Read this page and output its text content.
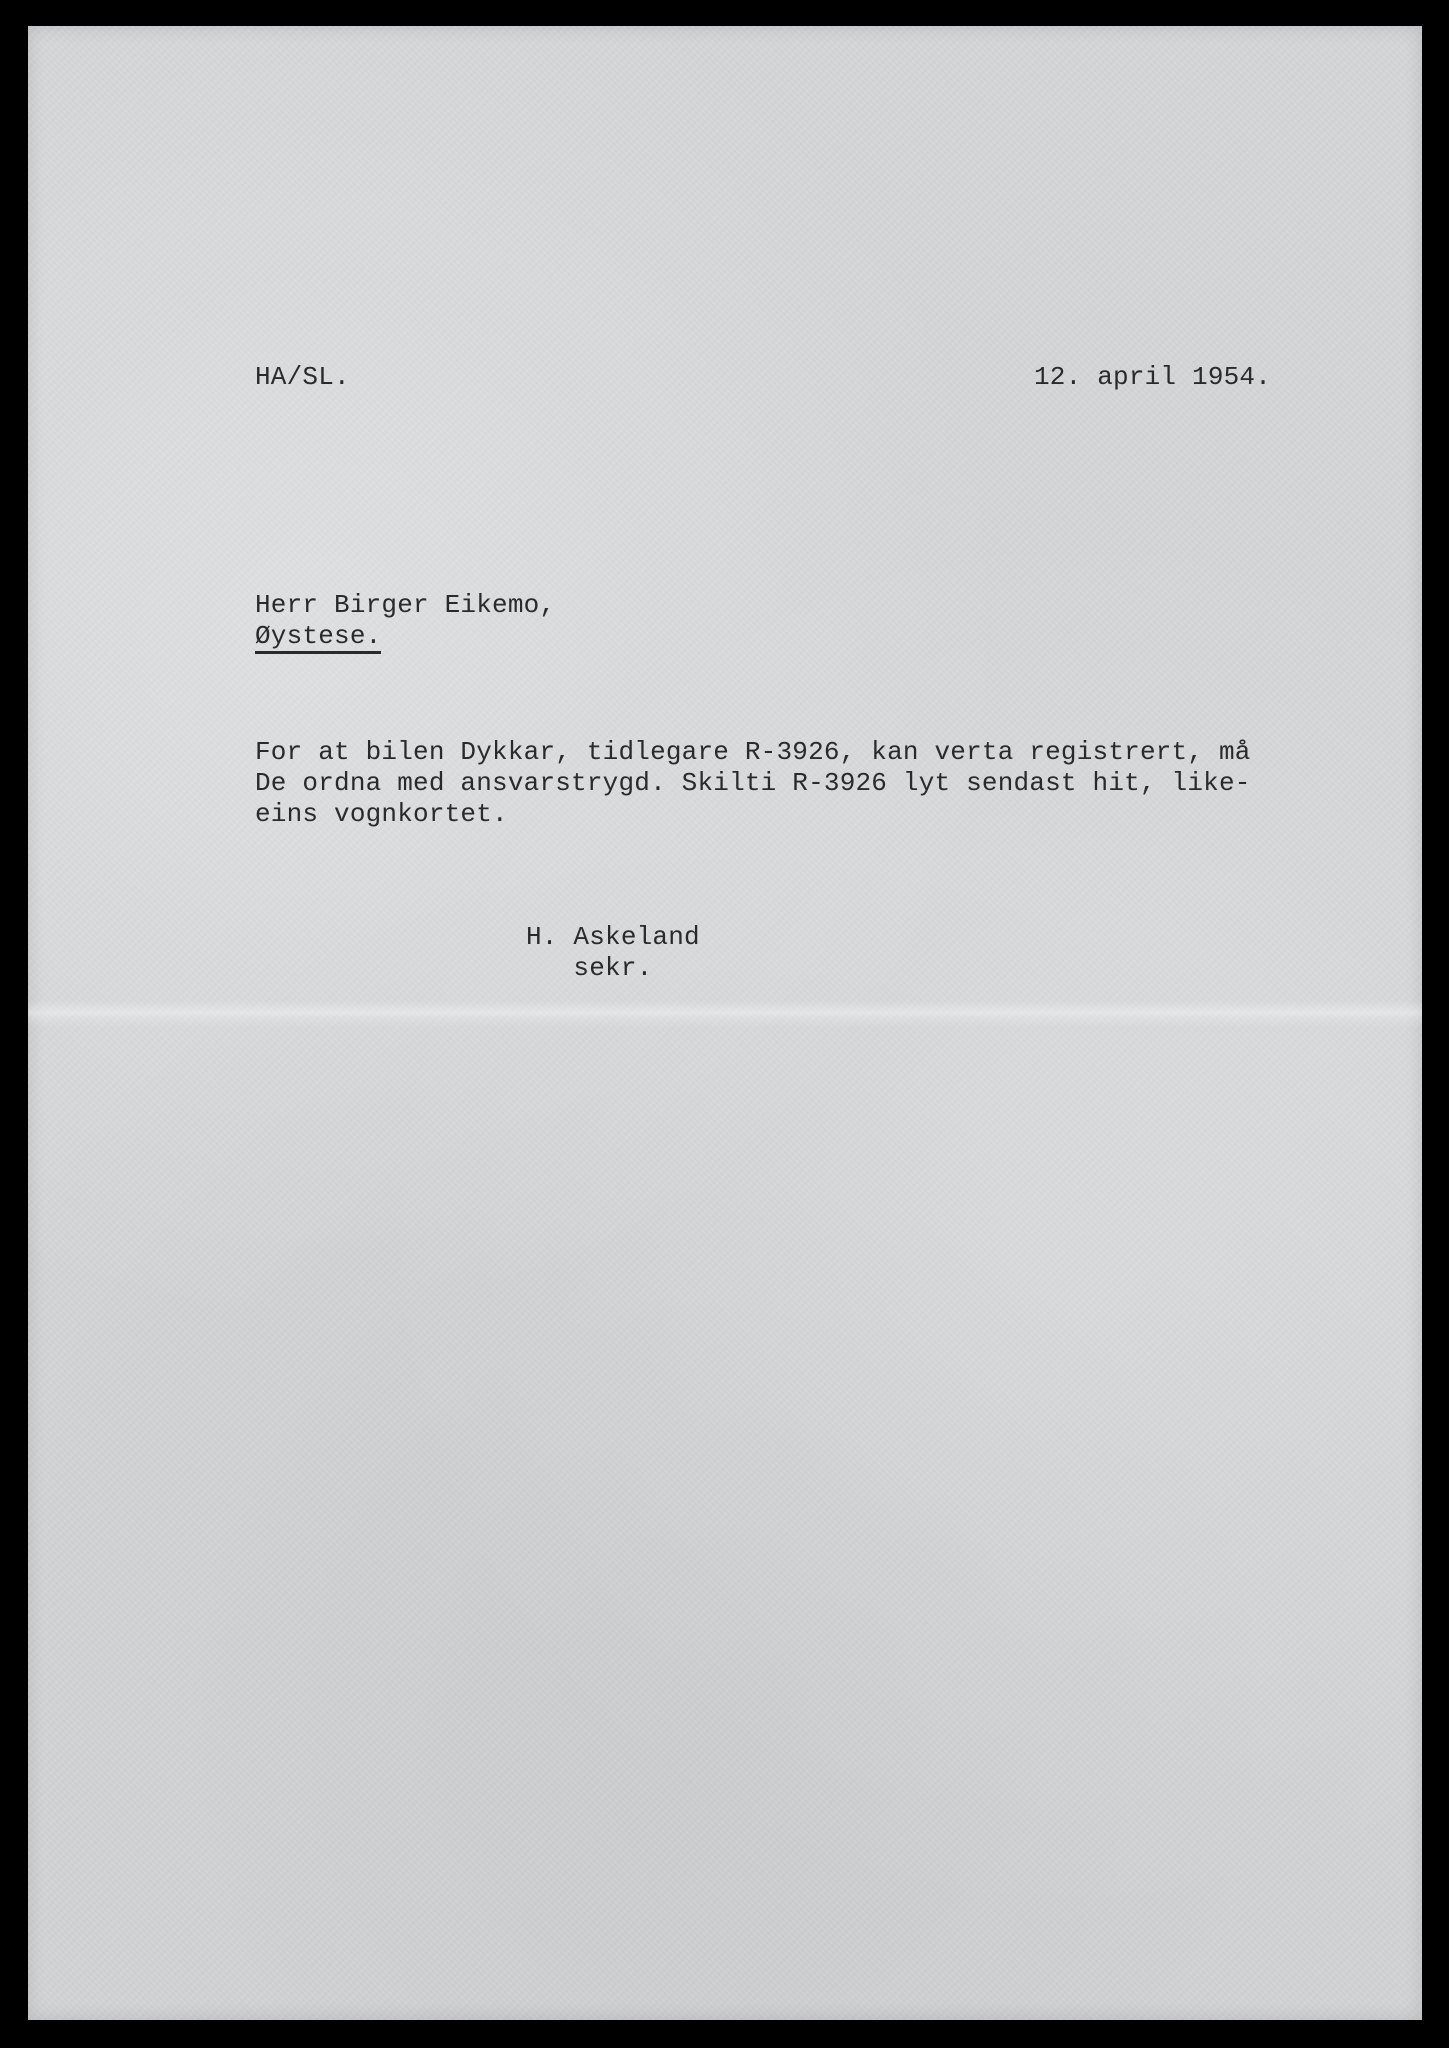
HA/SL.	12. april 1954.
Herr Birger Eikemo,
Øystese.
For at bilen Dykkar, tidlegare R-3926, kan verta registrert, må
De ordna med ansvarstrygd. Skilti R-3926 lyt sendast hit, like-
eins vognkortet.
H. Askeland
sekr.
